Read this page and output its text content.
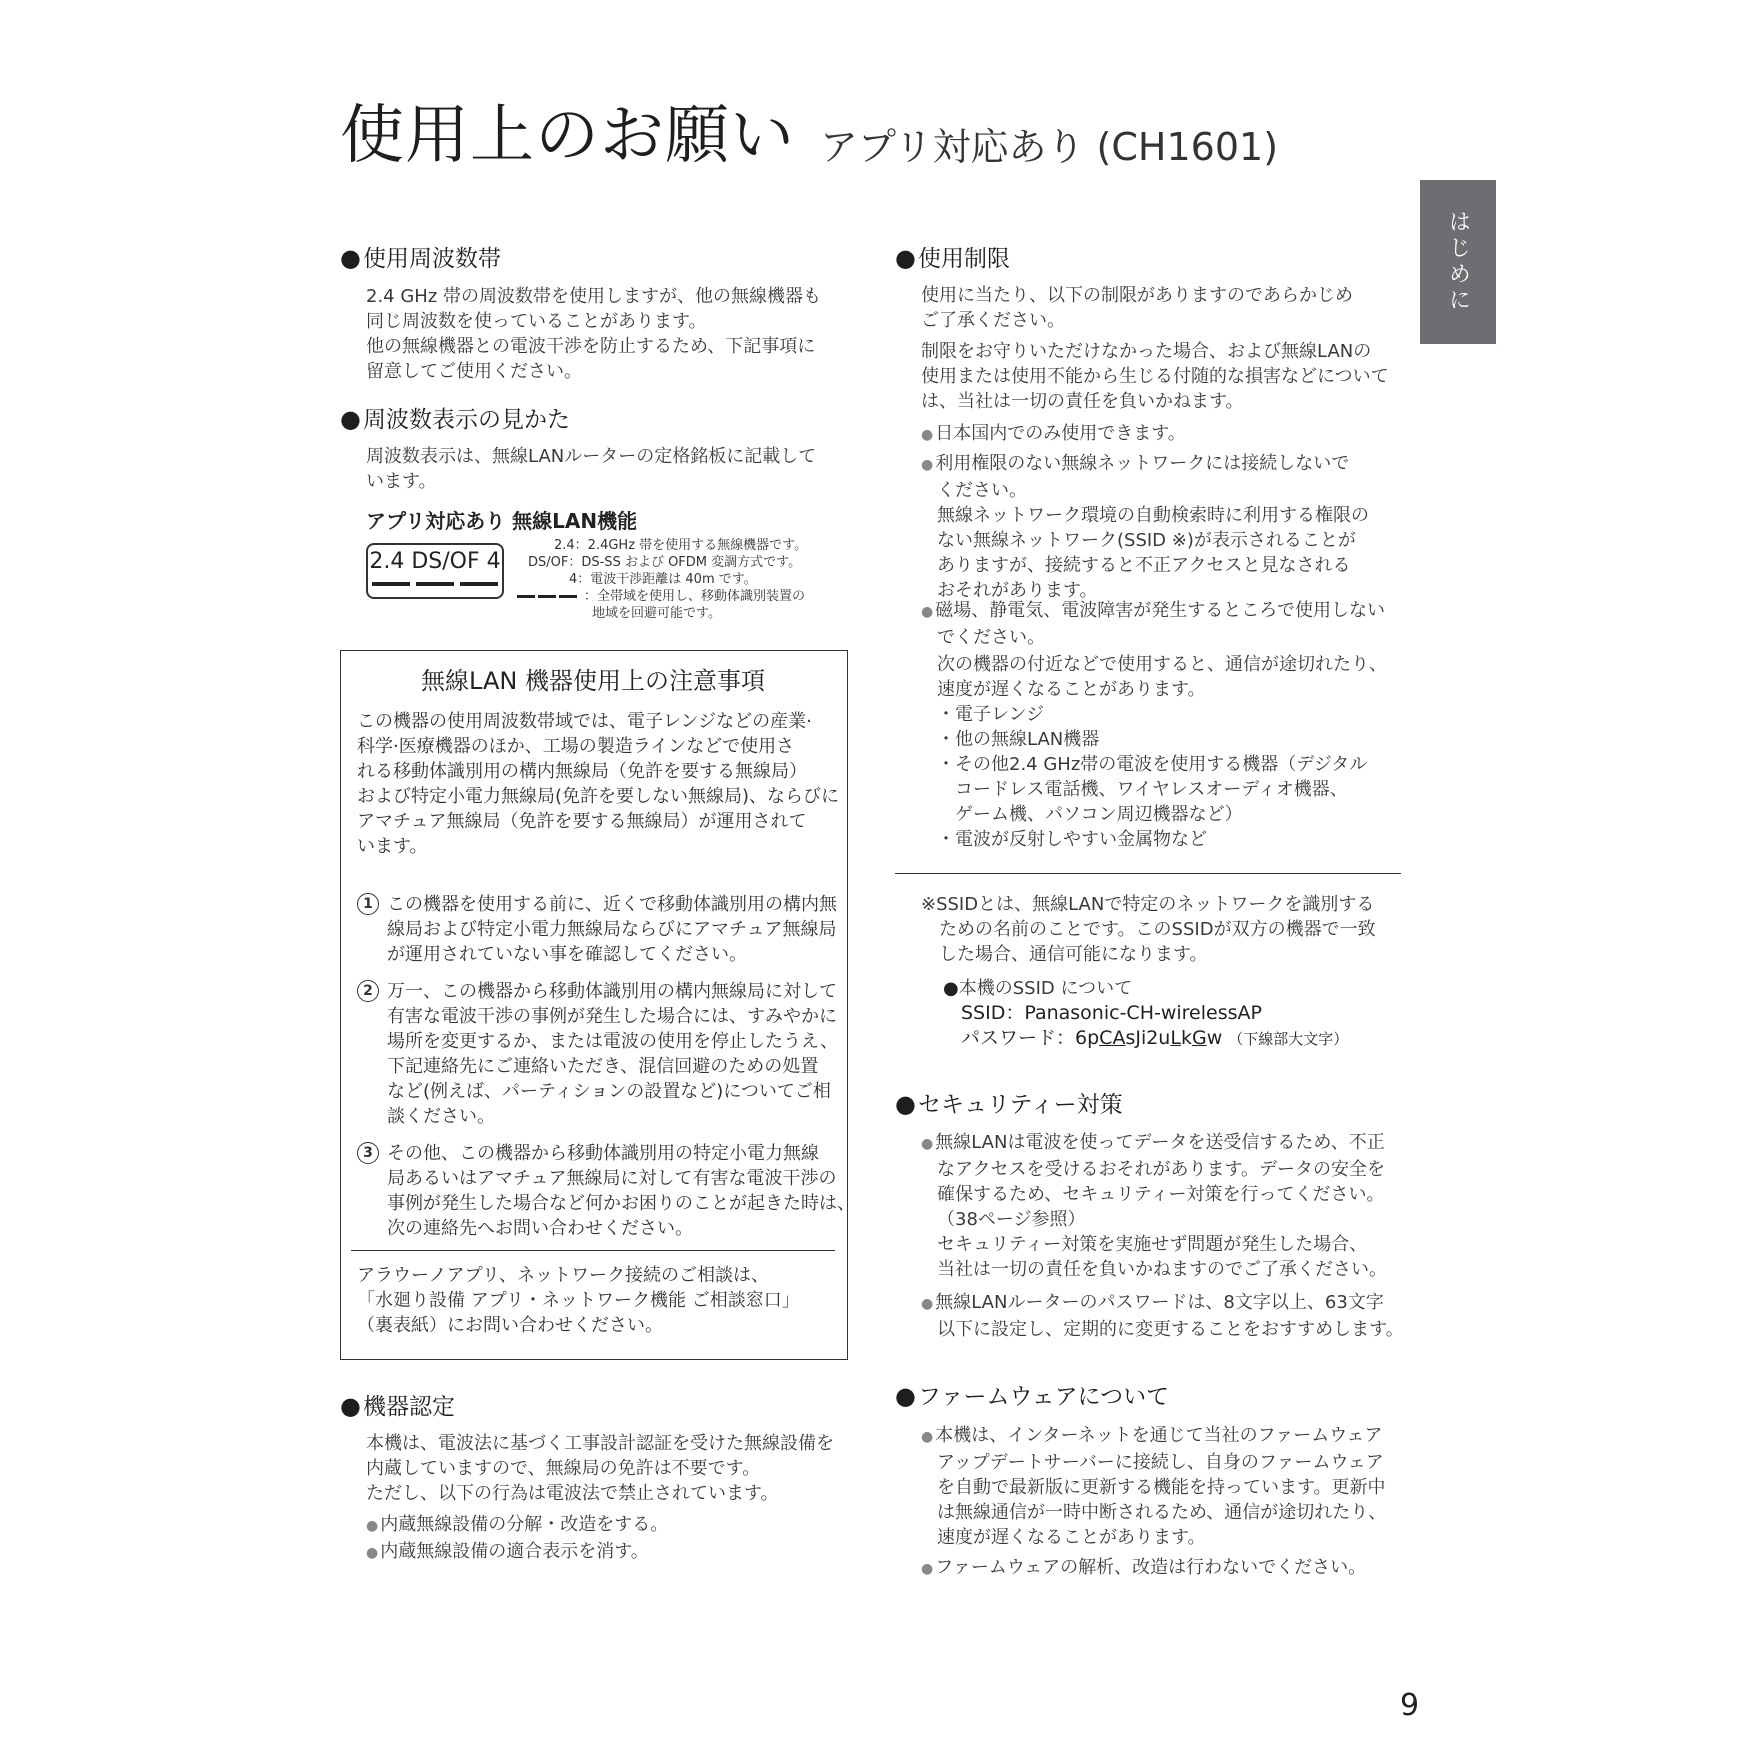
使用上のお願い アプリ対応あり (CH1601)
はじめに
●使用周波数帯
2.4 GHz 帯の周波数帯を使用しますが、他の無線機器も
同じ周波数を使っていることがあります。
他の無線機器との電波干渉を防止するため、下記事項に
留意してご使用ください。
●周波数表示の見かた
周波数表示は、無線LANルーターの定格銘板に記載して
います。
アプリ対応あり 無線LAN機能
2.4 DS/OF 4
2.4：2.4GHz 帯を使用する無線機器です。
DS/OF：DS-SS および OFDM 変調方式です。
4：電波干渉距離は 40m です。
：全帯域を使用し、移動体識別装置の
地域を回避可能です。
無線LAN 機器使用上の注意事項
この機器の使用周波数帯域では、電子レンジなどの産業·
科学·医療機器のほか、工場の製造ラインなどで使用さ
れる移動体識別用の構内無線局（免許を要する無線局）
および特定小電力無線局(免許を要しない無線局)、ならびに
アマチュア無線局（免許を要する無線局）が運用されて
います。
1 この機器を使用する前に、近くで移動体識別用の構内無
線局および特定小電力無線局ならびにアマチュア無線局
が運用されていない事を確認してください。
2 万一、この機器から移動体識別用の構内無線局に対して
有害な電波干渉の事例が発生した場合には、すみやかに
場所を変更するか、または電波の使用を停止したうえ、
下記連絡先にご連絡いただき、混信回避のための処置
など(例えば、パーティションの設置など)についてご相
談ください。
3 その他、この機器から移動体識別用の特定小電力無線
局あるいはアマチュア無線局に対して有害な電波干渉の
事例が発生した場合など何かお困りのことが起きた時は、
次の連絡先へお問い合わせください。
アラウーノアプリ、ネットワーク接続のご相談は、
「水廻り設備 アプリ・ネットワーク機能 ご相談窓口」
（裏表紙）にお問い合わせください。
●機器認定
本機は、電波法に基づく工事設計認証を受けた無線設備を
内蔵していますので、無線局の免許は不要です。
ただし、以下の行為は電波法で禁止されています。
● 内蔵無線設備の分解・改造をする。
● 内蔵無線設備の適合表示を消す。
●使用制限
使用に当たり、以下の制限がありますのであらかじめ
ご了承ください。
制限をお守りいただけなかった場合、および無線LANの
使用または使用不能から生じる付随的な損害などについて
は、当社は一切の責任を負いかねます。
● 日本国内でのみ使用できます。
● 利用権限のない無線ネットワークには接続しないで
ください。
無線ネットワーク環境の自動検索時に利用する権限の
ない無線ネットワーク(SSID ※)が表示されることが
ありますが、接続すると不正アクセスと見なされる
おそれがあります。
● 磁場、静電気、電波障害が発生するところで使用しない
でください。
次の機器の付近などで使用すると、通信が途切れたり、
速度が遅くなることがあります。
・電子レンジ
・他の無線LAN機器
・その他2.4 GHz帯の電波を使用する機器（デジタル
　コードレス電話機、ワイヤレスオーディオ機器、
　ゲーム機、パソコン周辺機器など）
・電波が反射しやすい金属物など
※SSIDとは、無線LANで特定のネットワークを識別する
ための名前のことです。このSSIDが双方の機器で一致
した場合、通信可能になります。
●本機のSSID について
SSID：Panasonic-CH-wirelessAP
パスワード：6pCAsJi2uLkGw （下線部大文字）
●セキュリティー対策
● 無線LANは電波を使ってデータを送受信するため、不正
なアクセスを受けるおそれがあります。データの安全を
確保するため、セキュリティー対策を行ってください。
（38ページ参照）
セキュリティー対策を実施せず問題が発生した場合、
当社は一切の責任を負いかねますのでご了承ください。
● 無線LANルーターのパスワードは、8文字以上、63文字
以下に設定し、定期的に変更することをおすすめします。
●ファームウェアについて
● 本機は、インターネットを通じて当社のファームウェア
アップデートサーバーに接続し、自身のファームウェア
を自動で最新版に更新する機能を持っています。更新中
は無線通信が一時中断されるため、通信が途切れたり、
速度が遅くなることがあります。
● ファームウェアの解析、改造は行わないでください。
9
